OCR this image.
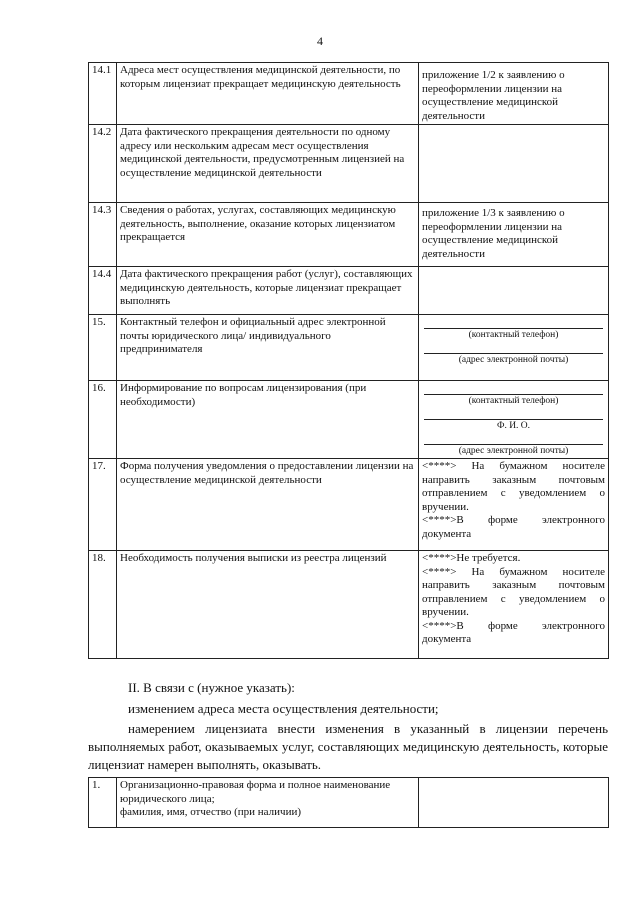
4
14.1	Адреса мест осуществления медицинской деятельности, по которым лицензиат прекращает медицинскую деятельность	приложение 1/2 к заявлению о переоформлении лицензии на осуществление медицинской деятельности
14.2	Дата фактического прекращения деятельности по одному адресу или нескольким адресам мест осуществления медицинской деятельности, предусмотренным лицензией на осуществление медицинской деятельности	
14.3	Сведения о работах, услугах, составляющих медицинскую деятельность, выполнение, оказание которых лицензиатом прекращается	приложение 1/3 к заявлению о переоформлении лицензии на осуществление медицинской деятельности
14.4	Дата фактического прекращения работ (услуг), составляющих медицинскую деятельность, которые лицензиат прекращает выполнять	
15.	Контактный телефон и официальный адрес электронной почты юридического лица/ индивидуального предпринимателя	(контактный телефон)
(адрес электронной почты)

16.	Информирование по вопросам лицензирования (при необходимости)	(контактный телефон)
Ф. И. О.
(адрес электронной почты)

17.	Форма получения уведомления о предоставлении лицензии на осуществление медицинской деятельности	<****> На бумажном носителе направить заказным почтовым отправлением с уведомлением о вручении.
<****>В форме электронного документа

18.	Необходимость получения выписки из реестра лицензий	<****>Не требуется.
<****> На бумажном носителе направить заказным почтовым отправлением с уведомлением о вручении.
<****>В форме электронного документа
II. В связи с (нужное указать):
изменением адреса места осуществления деятельности;
намерением лицензиата внести изменения в указанный в лицензии перечень выполняемых работ, оказываемых услуг, составляющих медицинскую деятельность, которые лицензиат намерен выполнять, оказывать.
1.	Организационно-правовая форма и полное наименование юридического лица;
фамилия, имя, отчество (при наличии)
